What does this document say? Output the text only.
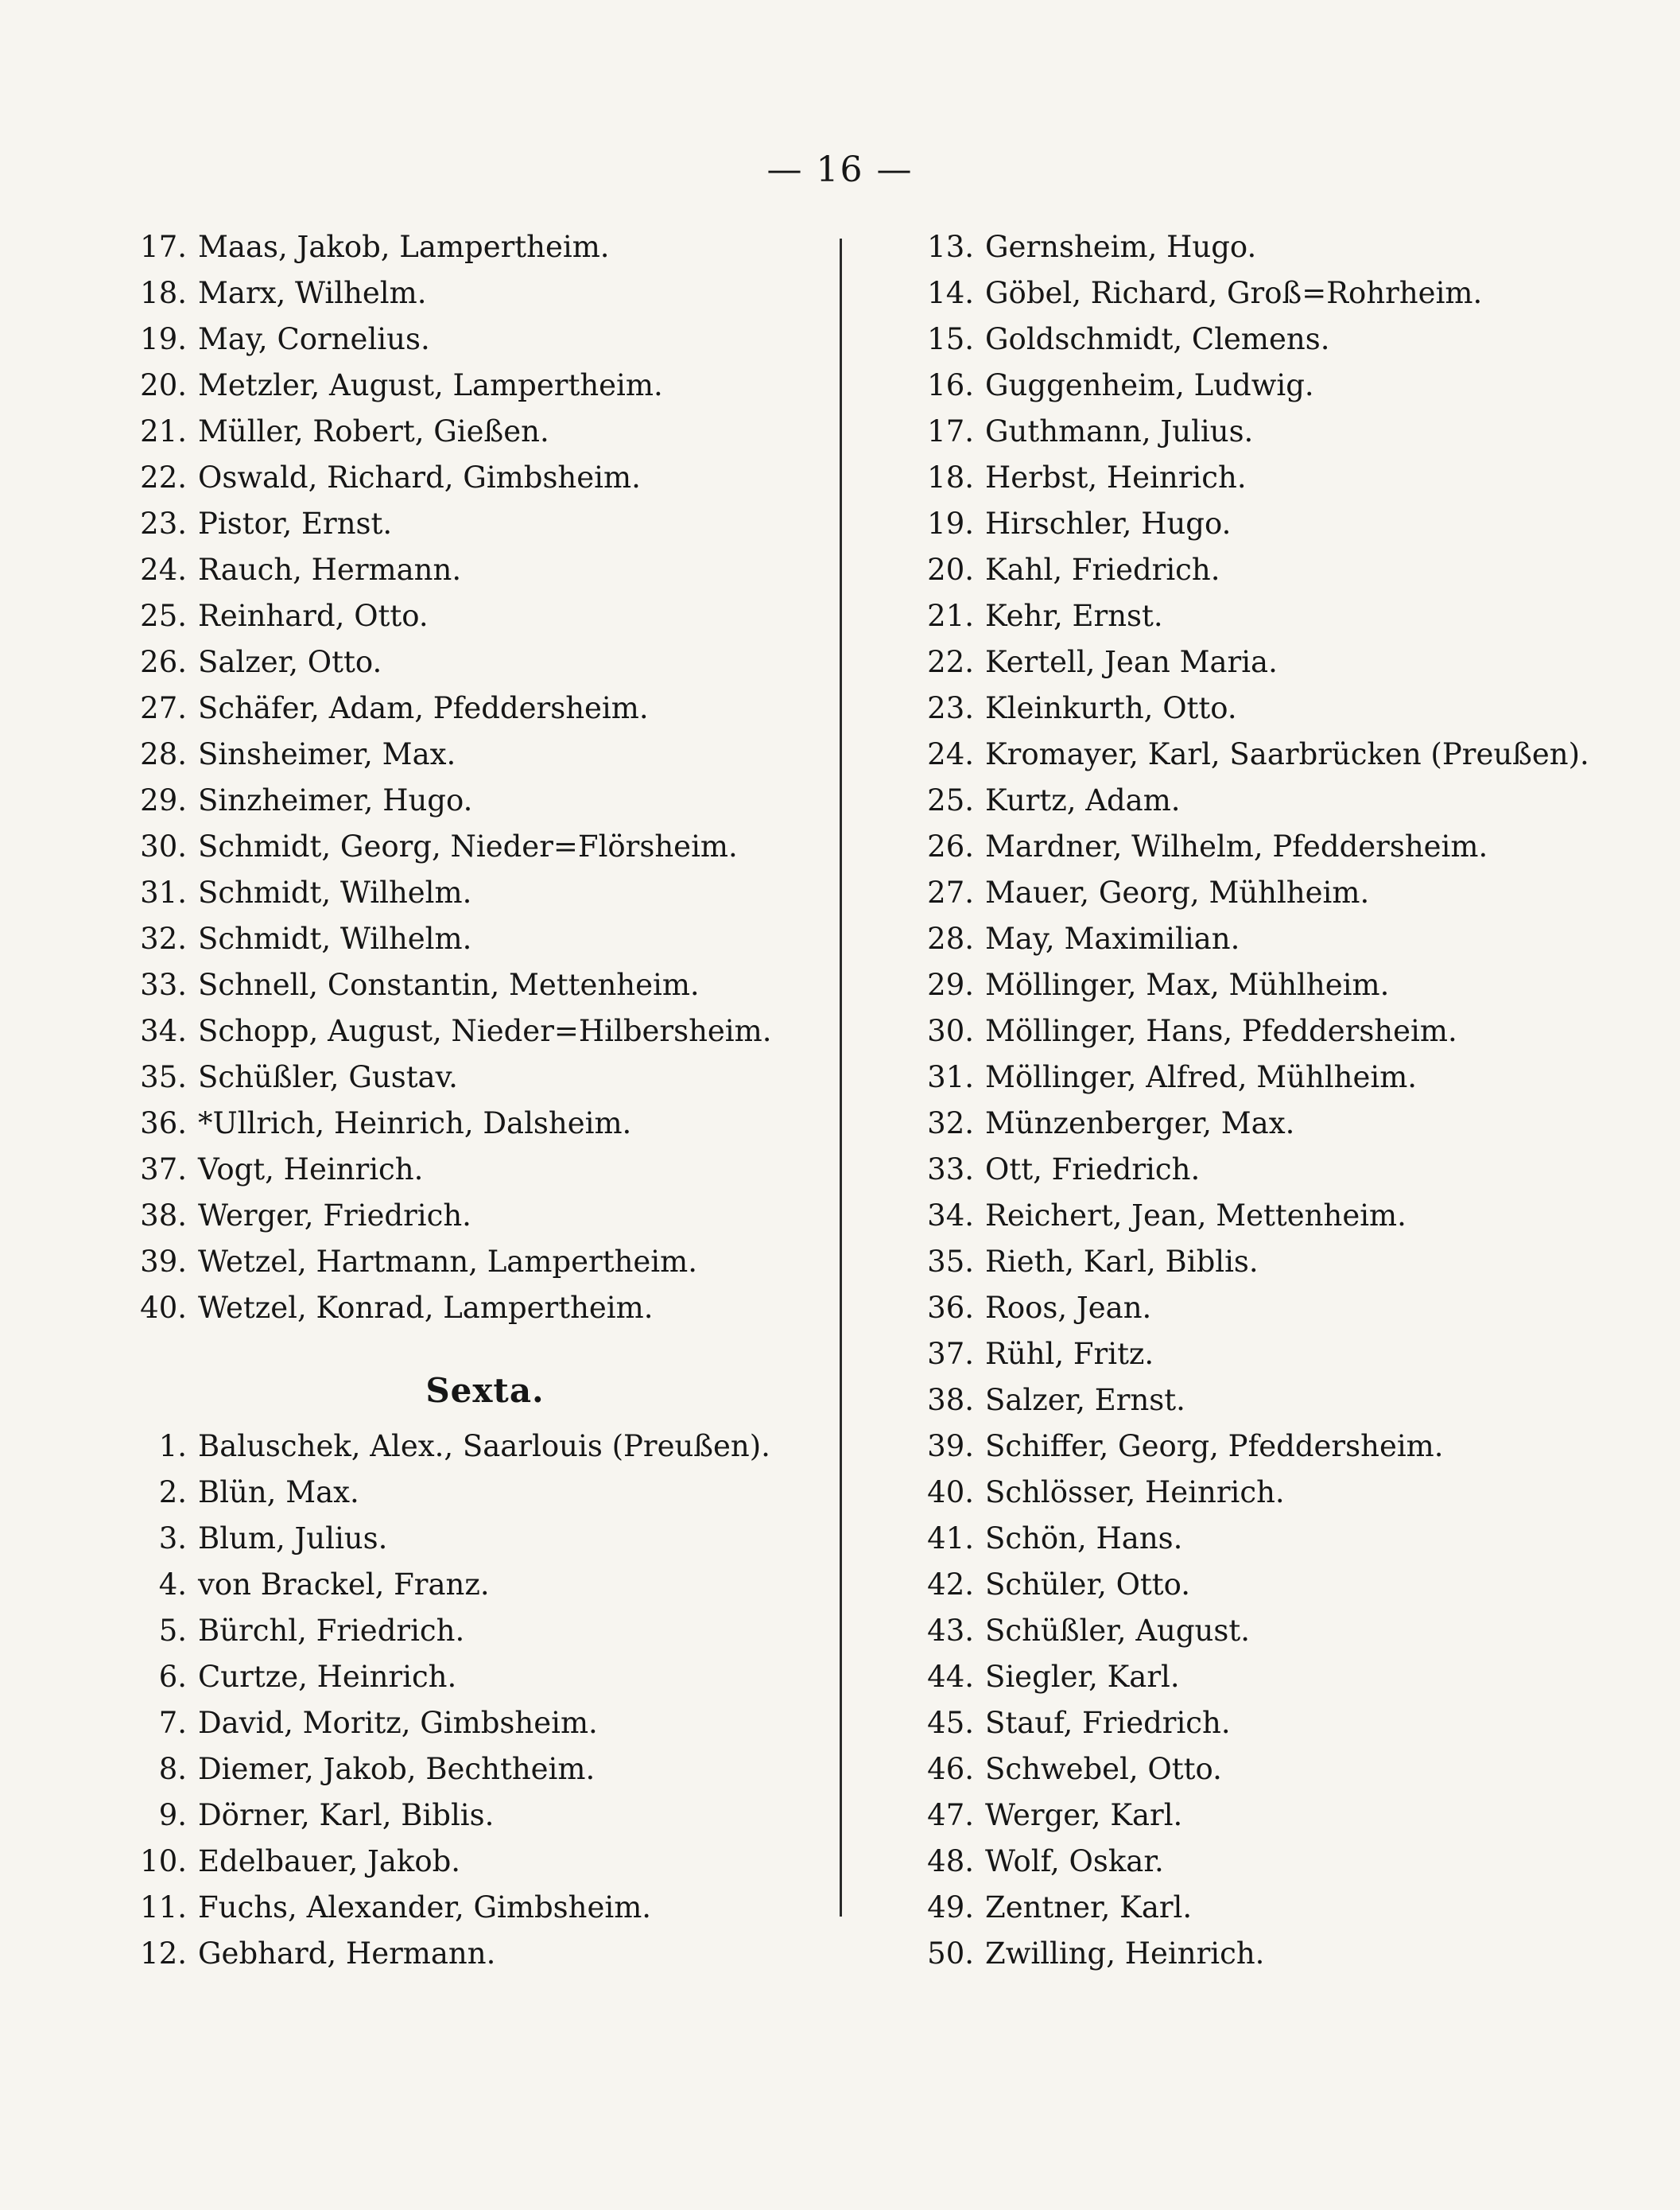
— 16 —
17. Maas, Jakob, Lampertheim.
18. Marx, Wilhelm.
19. May, Cornelius.
20. Metzler, August, Lampertheim.
21. Müller, Robert, Gießen.
22. Oswald, Richard, Gimbsheim.
23. Pistor, Ernst.
24. Rauch, Hermann.
25. Reinhard, Otto.
26. Salzer, Otto.
27. Schäfer, Adam, Pfeddersheim.
28. Sinsheimer, Max.
29. Sinzheimer, Hugo.
30. Schmidt, Georg, Nieder=Flörsheim.
31. Schmidt, Wilhelm.
32. Schmidt, Wilhelm.
33. Schnell, Constantin, Mettenheim.
34. Schopp, August, Nieder=Hilbersheim.
35. Schüßler, Gustav.
36. *Ullrich, Heinrich, Dalsheim.
37. Vogt, Heinrich.
38. Werger, Friedrich.
39. Wetzel, Hartmann, Lampertheim.
40. Wetzel, Konrad, Lampertheim.
Sexta.
1. Baluschek, Alex., Saarlouis (Preußen).
2. Blün, Max.
3. Blum, Julius.
4. von Brackel, Franz.
5. Bürchl, Friedrich.
6. Curtze, Heinrich.
7. David, Moritz, Gimbsheim.
8. Diemer, Jakob, Bechtheim.
9. Dörner, Karl, Biblis.
10. Edelbauer, Jakob.
11. Fuchs, Alexander, Gimbsheim.
12. Gebhard, Hermann.
13. Gernsheim, Hugo.
14. Göbel, Richard, Groß=Rohrheim.
15. Goldschmidt, Clemens.
16. Guggenheim, Ludwig.
17. Guthmann, Julius.
18. Herbst, Heinrich.
19. Hirschler, Hugo.
20. Kahl, Friedrich.
21. Kehr, Ernst.
22. Kertell, Jean Maria.
23. Kleinkurth, Otto.
24. Kromayer, Karl, Saarbrücken (Preußen).
25. Kurtz, Adam.
26. Mardner, Wilhelm, Pfeddersheim.
27. Mauer, Georg, Mühlheim.
28. May, Maximilian.
29. Möllinger, Max, Mühlheim.
30. Möllinger, Hans, Pfeddersheim.
31. Möllinger, Alfred, Mühlheim.
32. Münzenberger, Max.
33. Ott, Friedrich.
34. Reichert, Jean, Mettenheim.
35. Rieth, Karl, Biblis.
36. Roos, Jean.
37. Rühl, Fritz.
38. Salzer, Ernst.
39. Schiffer, Georg, Pfeddersheim.
40. Schlösser, Heinrich.
41. Schön, Hans.
42. Schüler, Otto.
43. Schüßler, August.
44. Siegler, Karl.
45. Stauf, Friedrich.
46. Schwebel, Otto.
47. Werger, Karl.
48. Wolf, Oskar.
49. Zentner, Karl.
50. Zwilling, Heinrich.
